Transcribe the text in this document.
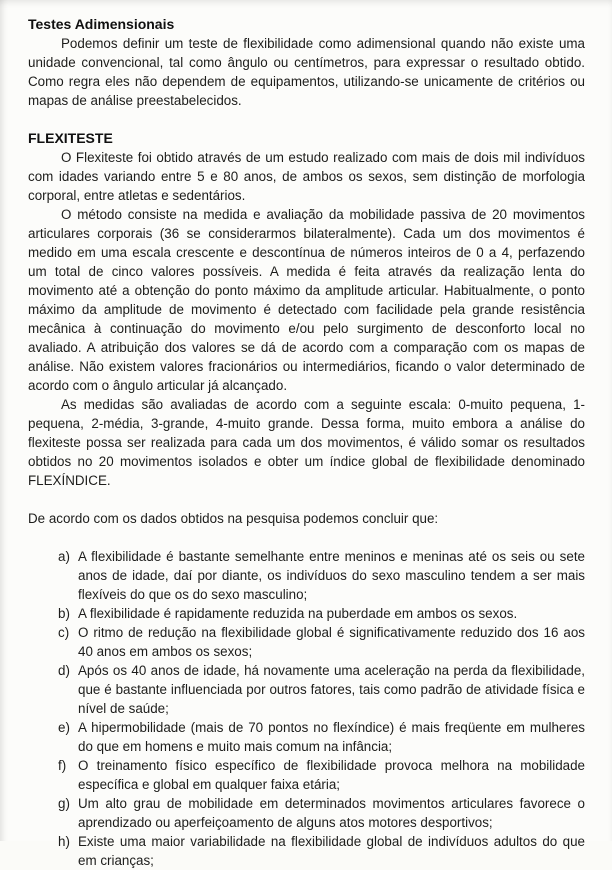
Testes Adimensionais

Podemos definir um teste de flexibilidade como adimensional quando não existe uma unidade convencional, tal como ângulo ou centímetros, para expressar o resultado obtido. Como regra eles não dependem de equipamentos, utilizando-se unicamente de critérios ou mapas de análise preestabelecidos.

FLEXITESTE

O Flexiteste foi obtido através de um estudo realizado com mais de dois mil indivíduos com idades variando entre 5 e 80 anos, de ambos os sexos, sem distinção de morfologia corporal, entre atletas e sedentários.

O método consiste na medida e avaliação da mobilidade passiva de 20 movimentos articulares corporais (36 se considerarmos bilateralmente). Cada um dos movimentos é medido em uma escala crescente e descontínua de números inteiros de 0 a 4, perfazendo um total de cinco valores possíveis. A medida é feita através da realização lenta do movimento até a obtenção do ponto máximo da amplitude articular. Habitualmente, o ponto máximo da amplitude de movimento é detectado com facilidade pela grande resistência mecânica à continuação do movimento e/ou pelo surgimento de desconforto local no avaliado. A atribuição dos valores se dá de acordo com a comparação com os mapas de análise. Não existem valores fracionários ou intermediários, ficando o valor determinado de acordo com o ângulo articular já alcançado.

As medidas são avaliadas de acordo com a seguinte escala: 0-muito pequena, 1-pequena, 2-média, 3-grande, 4-muito grande. Dessa forma, muito embora a análise do flexiteste possa ser realizada para cada um dos movimentos, é válido somar os resultados obtidos no 20 movimentos isolados e obter um índice global de flexibilidade denominado FLEXÍNDICE.

De acordo com os dados obtidos na pesquisa podemos concluir que:

a) A flexibilidade é bastante semelhante entre meninos e meninas até os seis ou sete anos de idade, daí por diante, os indivíduos do sexo masculino tendem a ser mais flexíveis do que os do sexo masculino;
b) A flexibilidade é rapidamente reduzida na puberdade em ambos os sexos.
c) O ritmo de redução na flexibilidade global é significativamente reduzido dos 16 aos 40 anos em ambos os sexos;
d) Após os 40 anos de idade, há novamente uma aceleração na perda da flexibilidade, que é bastante influenciada por outros fatores, tais como padrão de atividade física e nível de saúde;
e) A hipermobilidade (mais de 70 pontos no flexíndice) é mais freqüente em mulheres do que em homens e muito mais comum na infância;
f) O treinamento físico específico de flexibilidade provoca melhora na mobilidade específica e global em qualquer faixa etária;
g) Um alto grau de mobilidade em determinados movimentos articulares favorece o aprendizado ou aperfeiçoamento de alguns atos motores desportivos;
h) Existe uma maior variabilidade na flexibilidade global de indivíduos adultos do que em crianças;
